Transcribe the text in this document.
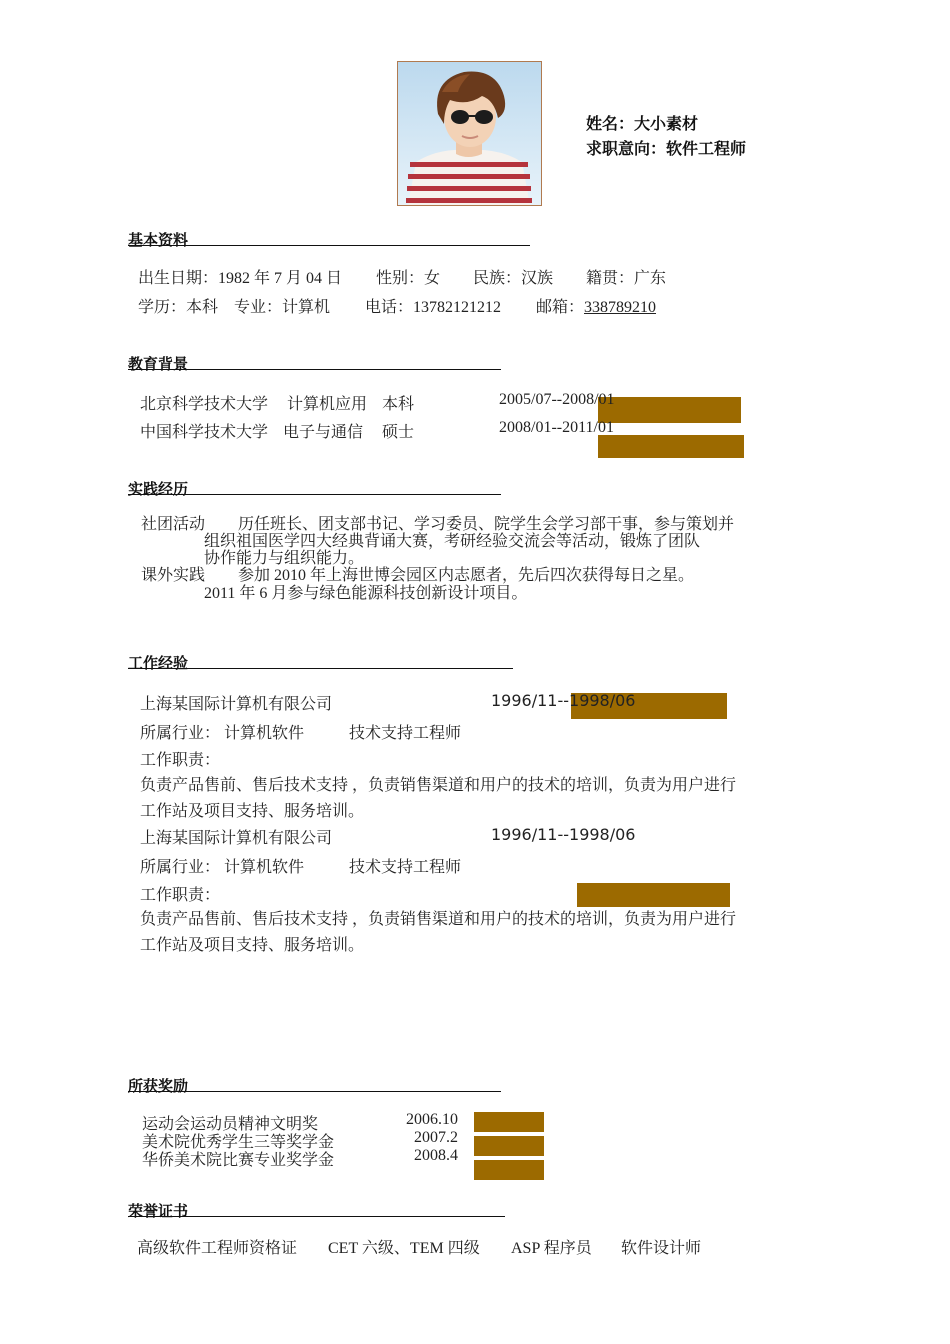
姓名：大小素材
求职意向：软件工程师
基本资料
出生日期：1982 年 7 月 04 日 性别：女 民族：汉族 籍贯：广东
学历：本科 专业：计算机 电话：13782121212 邮箱：338789210
教育背景
北京科学技术大学 计算机应用 本科	2005/07--2008/01
中国科学技术大学 电子与通信 硕士	2008/01--2011/01
实践经历
社团活动 历任班长、团支部书记、学习委员、院学生会学习部干事，参与策划并
组织祖国医学四大经典背诵大赛，考研经验交流会等活动，锻炼了团队
协作能力与组织能力。
课外实践 参加 2010 年上海世博会园区内志愿者，先后四次获得每日之星。
2011 年 6 月参与绿色能源科技创新设计项目。
工作经验
上海某国际计算机有限公司	1996/11--1998/06
所属行业： 计算机软件	技术支持工程师
工作职责：
负责产品售前、售后技术支持 ，负责销售渠道和用户的技术的培训，负责为用户进行
工作站及项目支持、服务培训。
上海某国际计算机有限公司	1996/11--1998/06
所属行业： 计算机软件	技术支持工程师
工作职责：
负责产品售前、售后技术支持 ，负责销售渠道和用户的技术的培训，负责为用户进行
工作站及项目支持、服务培训。
所获奖励
运动会运动员精神文明奖	2006.10
美术院优秀学生三等奖学金	2007.2
华侨美术院比赛专业奖学金	2008.4
荣誉证书
高级软件工程师资格证 CET 六级、TEM 四级 ASP 程序员 软件设计师
